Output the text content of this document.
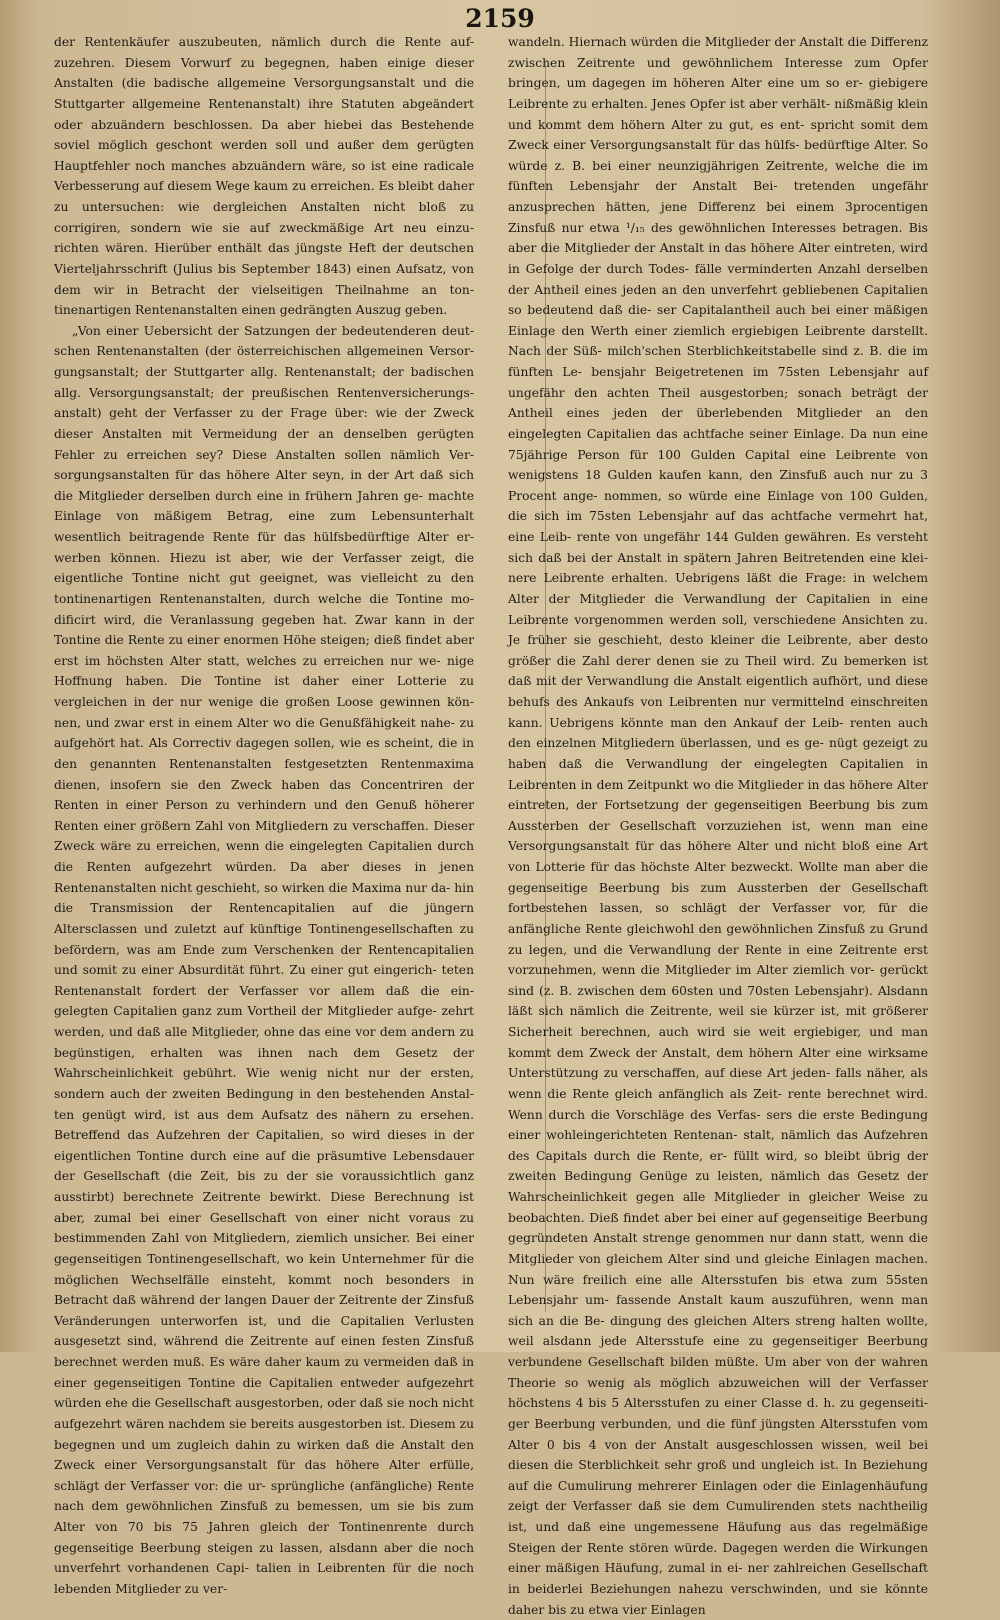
2159

der Rentenkäufer auszubeuten, nämlich durch die Rente auf- zuzehren. Diesem Vorwurf zu begegnen, haben einige dieser Anstalten (die badische allgemeine Versorgungsanstalt und die Stuttgarter allgemeine Rentenanstalt) ihre Statuten abgeändert oder abzuändern beschlossen. Da aber hiebei das Bestehende soviel möglich geschont werden soll und außer dem gerügten Hauptfehler noch manches abzuändern wäre, so ist eine radicale Verbesserung auf diesem Wege kaum zu erreichen. Es bleibt daher zu untersuchen: wie dergleichen Anstalten nicht bloß zu corrigiren, sondern wie sie auf zweckmäßige Art neu einzu- richten wären. Hierüber enthält das jüngste Heft der deutschen Vierteljahrsschrift (Julius bis September 1843) einen Aufsatz, von dem wir in Betracht der vielseitigen Theilnahme an ton- tinenartigen Rentenanstalten einen gedrängten Auszug geben.

„Von einer Uebersicht der Satzungen der bedeutenderen deut- schen Rentenanstalten (der österreichischen allgemeinen Versor- gungsanstalt; der Stuttgarter allg. Rentenanstalt; der badischen allg. Versorgungsanstalt; der preußischen Rentenversicherungs- anstalt) geht der Verfasser zu der Frage über: wie der Zweck dieser Anstalten mit Vermeidung der an denselben gerügten Fehler zu erreichen sey? Diese Anstalten sollen nämlich Ver- sorgungsanstalten für das höhere Alter seyn, in der Art daß sich die Mitglieder derselben durch eine in frühern Jahren ge- machte Einlage von mäßigem Betrag, eine zum Lebensunterhalt wesentlich beitragende Rente für das hülfsbedürftige Alter er- werben können. Hiezu ist aber, wie der Verfasser zeigt, die eigentliche Tontine nicht gut geeignet, was vielleicht zu den tontinenartigen Rentenanstalten, durch welche die Tontine mo- dificirt wird, die Veranlassung gegeben hat. Zwar kann in der Tontine die Rente zu einer enormen Höhe steigen; dieß findet aber erst im höchsten Alter statt, welches zu erreichen nur we- nige Hoffnung haben. Die Tontine ist daher einer Lotterie zu vergleichen in der nur wenige die großen Loose gewinnen kön- nen, und zwar erst in einem Alter wo die Genußfähigkeit nahe- zu aufgehört hat. Als Correctiv dagegen sollen, wie es scheint, die in den genannten Rentenanstalten festgesetzten Rentenmaxima dienen, insofern sie den Zweck haben das Concentriren der Renten in einer Person zu verhindern und den Genuß höherer Renten einer größern Zahl von Mitgliedern zu verschaffen. Dieser Zweck wäre zu erreichen, wenn die eingelegten Capitalien durch die Renten aufgezehrt würden. Da aber dieses in jenen Rentenanstalten nicht geschieht, so wirken die Maxima nur da- hin die Transmission der Rentencapitalien auf die jüngern Altersclassen und zuletzt auf künftige Tontinengesellschaften zu befördern, was am Ende zum Verschenken der Rentencapitalien und somit zu einer Absurdität führt. Zu einer gut eingerich- teten Rentenanstalt fordert der Verfasser vor allem daß die ein- gelegten Capitalien ganz zum Vortheil der Mitglieder aufge- zehrt werden, und daß alle Mitglieder, ohne das eine vor dem andern zu begünstigen, erhalten was ihnen nach dem Gesetz der Wahrscheinlichkeit gebührt. Wie wenig nicht nur der ersten, sondern auch der zweiten Bedingung in den bestehenden Anstal- ten genügt wird, ist aus dem Aufsatz des nähern zu ersehen. Betreffend das Aufzehren der Capitalien, so wird dieses in der eigentlichen Tontine durch eine auf die präsumtive Lebensdauer der Gesellschaft (die Zeit, bis zu der sie voraussichtlich ganz ausstirbt) berechnete Zeitrente bewirkt. Diese Berechnung ist aber, zumal bei einer Gesellschaft von einer nicht voraus zu bestimmenden Zahl von Mitgliedern, ziemlich unsicher. Bei einer gegenseitigen Tontinengesellschaft, wo kein Unternehmer für die möglichen Wechselfälle einsteht, kommt noch besonders in Betracht daß während der langen Dauer der Zeitrente der Zinsfuß Veränderungen unterworfen ist, und die Capitalien Verlusten ausgesetzt sind, während die Zeitrente auf einen festen Zinsfuß berechnet werden muß. Es wäre daher kaum zu vermeiden daß in einer gegenseitigen Tontine die Capitalien entweder aufgezehrt würden ehe die Gesellschaft ausgestorben, oder daß sie noch nicht aufgezehrt wären nachdem sie bereits ausgestorben ist. Diesem zu begegnen und um zugleich dahin zu wirken daß die Anstalt den Zweck einer Versorgungsanstalt für das höhere Alter erfülle, schlägt der Verfasser vor: die ur- sprüngliche (anfängliche) Rente nach dem gewöhnlichen Zinsfuß zu bemessen, um sie bis zum Alter von 70 bis 75 Jahren gleich der Tontinenrente durch gegenseitige Beerbung steigen zu lassen, alsdann aber die noch unverfehrt vorhandenen Capi- talien in Leibrenten für die noch lebenden Mitglieder zu ver-

wandeln. Hiernach würden die Mitglieder der Anstalt die Differenz zwischen Zeitrente und gewöhnlichem Interesse zum Opfer bringen, um dagegen im höheren Alter eine um so er- giebigere Leibrente zu erhalten. Jenes Opfer ist aber verhält- nißmäßig klein und kommt dem höhern Alter zu gut, es ent- spricht somit dem Zweck einer Versorgungsanstalt für das hülfs- bedürftige Alter. So würde z. B. bei einer neunzigjährigen Zeitrente, welche die im fünften Lebensjahr der Anstalt Bei- tretenden ungefähr anzusprechen hätten, jene Differenz bei einem 3procentigen Zinsfuß nur etwa ¹/₁₅ des gewöhnlichen Interesses betragen. Bis aber die Mitglieder der Anstalt in das höhere Alter eintreten, wird in Gefolge der durch Todes- fälle verminderten Anzahl derselben der Antheil eines jeden an den unverfehrt gebliebenen Capitalien so bedeutend daß die- ser Capitalantheil auch bei einer mäßigen Einlage den Werth einer ziemlich ergiebigen Leibrente darstellt. Nach der Süß- milch'schen Sterblichkeitstabelle sind z. B. die im fünften Le- bensjahr Beigetretenen im 75sten Lebensjahr auf ungefähr den achten Theil ausgestorben; sonach beträgt der Antheil eines jeden der überlebenden Mitglieder an den eingelegten Capitalien das achtfache seiner Einlage. Da nun eine 75jährige Person für 100 Gulden Capital eine Leibrente von wenigstens 18 Gulden kaufen kann, den Zinsfuß auch nur zu 3 Procent ange- nommen, so würde eine Einlage von 100 Gulden, die sich im 75sten Lebensjahr auf das achtfache vermehrt hat, eine Leib- rente von ungefähr 144 Gulden gewähren. Es versteht sich daß bei der Anstalt in spätern Jahren Beitretenden eine klei- nere Leibrente erhalten. Uebrigens läßt die Frage: in welchem Alter der Mitglieder die Verwandlung der Capitalien in eine Leibrente vorgenommen werden soll, verschiedene Ansichten zu. Je früher sie geschieht, desto kleiner die Leibrente, aber desto größer die Zahl derer denen sie zu Theil wird. Zu bemerken ist daß mit der Verwandlung die Anstalt eigentlich aufhört, und diese behufs des Ankaufs von Leibrenten nur vermittelnd einschreiten kann. Uebrigens könnte man den Ankauf der Leib- renten auch den einzelnen Mitgliedern überlassen, und es ge- nügt gezeigt zu haben daß die Verwandlung der eingelegten Capitalien in Leibrenten in dem Zeitpunkt wo die Mitglieder in das höhere Alter eintreten, der Fortsetzung der gegenseitigen Beerbung bis zum Aussterben der Gesellschaft vorzuziehen ist, wenn man eine Versorgungsanstalt für das höhere Alter und nicht bloß eine Art von Lotterie für das höchste Alter bezweckt. Wollte man aber die gegenseitige Beerbung bis zum Aussterben der Gesellschaft fortbestehen lassen, so schlägt der Verfasser vor, für die anfängliche Rente gleichwohl den gewöhnlichen Zinsfuß zu Grund zu legen, und die Verwandlung der Rente in eine Zeitrente erst vorzunehmen, wenn die Mitglieder im Alter ziemlich vor- gerückt sind (z. B. zwischen dem 60sten und 70sten Lebensjahr). Alsdann läßt sich nämlich die Zeitrente, weil sie kürzer ist, mit größerer Sicherheit berechnen, auch wird sie weit ergiebiger, und man kommt dem Zweck der Anstalt, dem höhern Alter eine wirksame Unterstützung zu verschaffen, auf diese Art jeden- falls näher, als wenn die Rente gleich anfänglich als Zeit- rente berechnet wird. Wenn durch die Vorschläge des Verfas- sers die erste Bedingung einer wohleingerichteten Rentenan- stalt, nämlich das Aufzehren des Capitals durch die Rente, er- füllt wird, so bleibt übrig der zweiten Bedingung Genüge zu leisten, nämlich das Gesetz der Wahrscheinlichkeit gegen alle Mitglieder in gleicher Weise zu beobachten. Dieß findet aber bei einer auf gegenseitige Beerbung gegründeten Anstalt strenge genommen nur dann statt, wenn die Mitglieder von gleichem Alter sind und gleiche Einlagen machen. Nun wäre freilich eine alle Altersstufen bis etwa zum 55sten Lebensjahr um- fassende Anstalt kaum auszuführen, wenn man sich an die Be- dingung des gleichen Alters streng halten wollte, weil alsdann jede Altersstufe eine zu gegenseitiger Beerbung verbundene Gesellschaft bilden müßte. Um aber von der wahren Theorie so wenig als möglich abzuweichen will der Verfasser höchstens 4 bis 5 Altersstufen zu einer Classe d. h. zu gegenseiti- ger Beerbung verbunden, und die fünf jüngsten Altersstufen vom Alter 0 bis 4 von der Anstalt ausgeschlossen wissen, weil bei diesen die Sterblichkeit sehr groß und ungleich ist. In Beziehung auf die Cumulirung mehrerer Einlagen oder die Einlagenhäufung zeigt der Verfasser daß sie dem Cumulirenden stets nachtheilig ist, und daß eine ungemessene Häufung aus das regelmäßige Steigen der Rente stören würde. Dagegen werden die Wirkungen einer mäßigen Häufung, zumal in ei- ner zahlreichen Gesellschaft in beiderlei Beziehungen nahezu verschwinden, und sie könnte daher bis zu etwa vier Einlagen
